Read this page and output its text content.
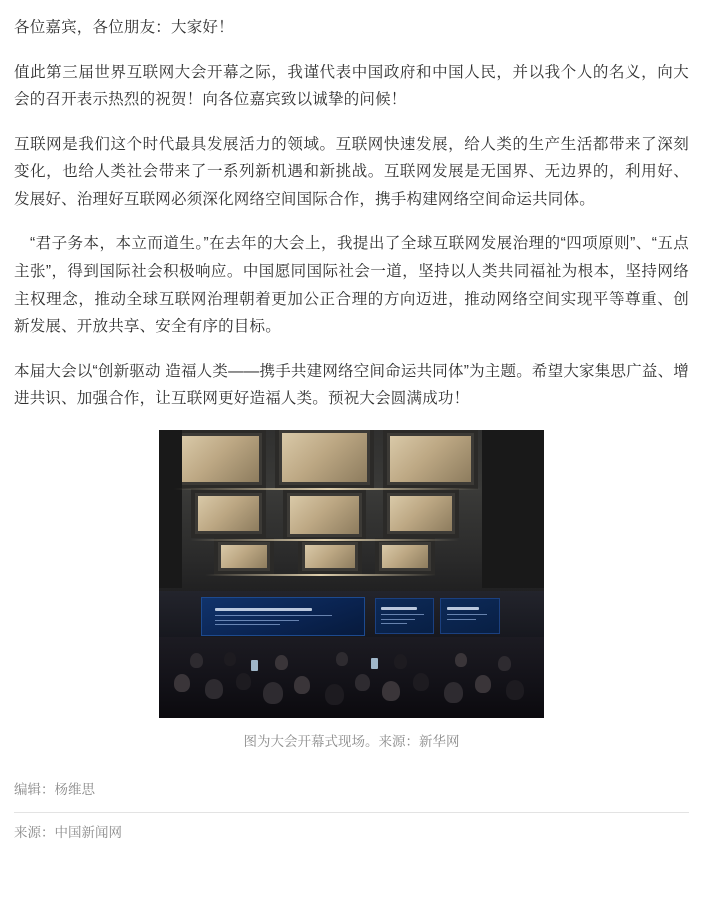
各位嘉宾，各位朋友：大家好！

值此第三届世界互联网大会开幕之际，我谨代表中国政府和中国人民，并以我个人的名义，向大会的召开表示热烈的祝贺！向各位嘉宾致以诚挚的问候！

互联网是我们这个时代最具发展活力的领域。互联网快速发展，给人类的生产生活都带来了深刻变化，也给人类社会带来了一系列新机遇和新挑战。互联网发展是无国界、无边界的，利用好、发展好、治理好互联网必须深化网络空间国际合作，携手构建网络空间命运共同体。

　“君子务本，本立而道生。”在去年的大会上，我提出了全球互联网发展治理的“四项原则”、“五点主张”，得到国际社会积极响应。中国愿同国际社会一道，坚持以人类共同福祉为根本，坚持网络主权理念，推动全球互联网治理朝着更加公正合理的方向迈进，推动网络空间实现平等尊重、创新发展、开放共享、安全有序的目标。

本届大会以“创新驱动 造福人类——携手共建网络空间命运共同体”为主题。希望大家集思广益、增进共识、加强合作，让互联网更好造福人类。预祝大会圆满成功！

图为大会开幕式现场。来源：新华网
编辑：杨维思
来源：中国新闻网
